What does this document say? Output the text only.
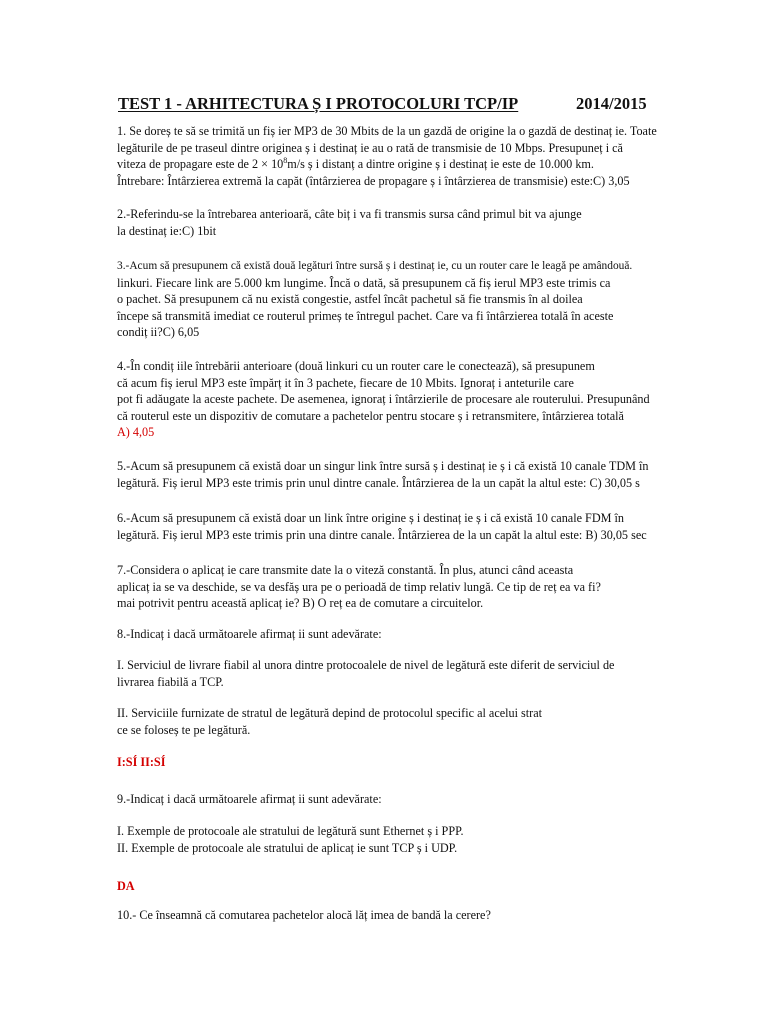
TEST 1 - ARHITECTURA Ș I PROTOCOLURI TCP/IP	2014/2015
1. Se doreș te să se trimită un fiș ier MP3 de 30 Mbits de la un gazdă de origine la o gazdă de destinaț ie. Toate
legăturile de pe traseul dintre originea ș i destinaț ie au o rată de transmisie de 10 Mbps. Presupuneț i că
viteza de propagare este de $2 \times 10^8m/s$ ș i distanț a dintre origine ș i destinaț ie este de 10.000 km.
Întrebare: Întârzierea extremă la capăt (întârzierea de propagare ș i întârzierea de transmisie) este:C) 3,05
2.-Referindu-se la întrebarea anterioară, câte biț i va fi transmis sursa când primul bit va ajunge
la destinaț ie:C) 1bit
3.-Acum să presupunem că există două legături între sursă ș i destinaț ie, cu un router care le leagă pe amândouă.
linkuri. Fiecare link are 5.000 km lungime. Încă o dată, să presupunem că fiș ierul MP3 este trimis ca
o pachet. Să presupunem că nu există congestie, astfel încât pachetul să fie transmis în al doilea
începe să transmită imediat ce routerul primeș te întregul pachet. Care va fi întârzierea totală în aceste
condiț ii?C) 6,05
4.-În condiț iile întrebării anterioare (două linkuri cu un router care le conectează), să presupunem
că acum fiș ierul MP3 este împărț it în 3 pachete, fiecare de 10 Mbits. Ignoraț i anteturile care
pot fi adăugate la aceste pachete. De asemenea, ignoraț i întârzierile de procesare ale routerului. Presupunând
că routerul este un dispozitiv de comutare a pachetelor pentru stocare ș i retransmitere, întârzierea totală
A) 4,05
5.-Acum să presupunem că există doar un singur link între sursă ș i destinaț ie ș i că există 10 canale TDM în
legătură. Fiș ierul MP3 este trimis prin unul dintre canale. Întârzierea de la un capăt la altul este: C) 30,05 s
6.-Acum să presupunem că există doar un link între origine ș i destinaț ie ș i că există 10 canale FDM în
legătură. Fiș ierul MP3 este trimis prin una dintre canale. Întârzierea de la un capăt la altul este: B) 30,05 sec
7.-Considera o aplicaț ie care transmite date la o viteză constantă. În plus, atunci când aceasta
aplicaț ia se va deschide, se va desfăș ura pe o perioadă de timp relativ lungă. Ce tip de reț ea va fi?
mai potrivit pentru această aplicaț ie? B) O reț ea de comutare a circuitelor.
8.-Indicaț i dacă următoarele afirmaț ii sunt adevărate:
I. Serviciul de livrare fiabil al unora dintre protocoalele de nivel de legătură este diferit de serviciul de
livrarea fiabilă a TCP.
II. Serviciile furnizate de stratul de legătură depind de protocolul specific al acelui strat
ce se foloseș te pe legătură.
I:SÍ II:SÍ
9.-Indicaț i dacă următoarele afirmaț ii sunt adevărate:
I. Exemple de protocoale ale stratului de legătură sunt Ethernet ș i PPP.
II. Exemple de protocoale ale stratului de aplicaț ie sunt TCP ș i UDP.
DA
10.- Ce înseamnă că comutarea pachetelor alocă lăț imea de bandă la cerere?
